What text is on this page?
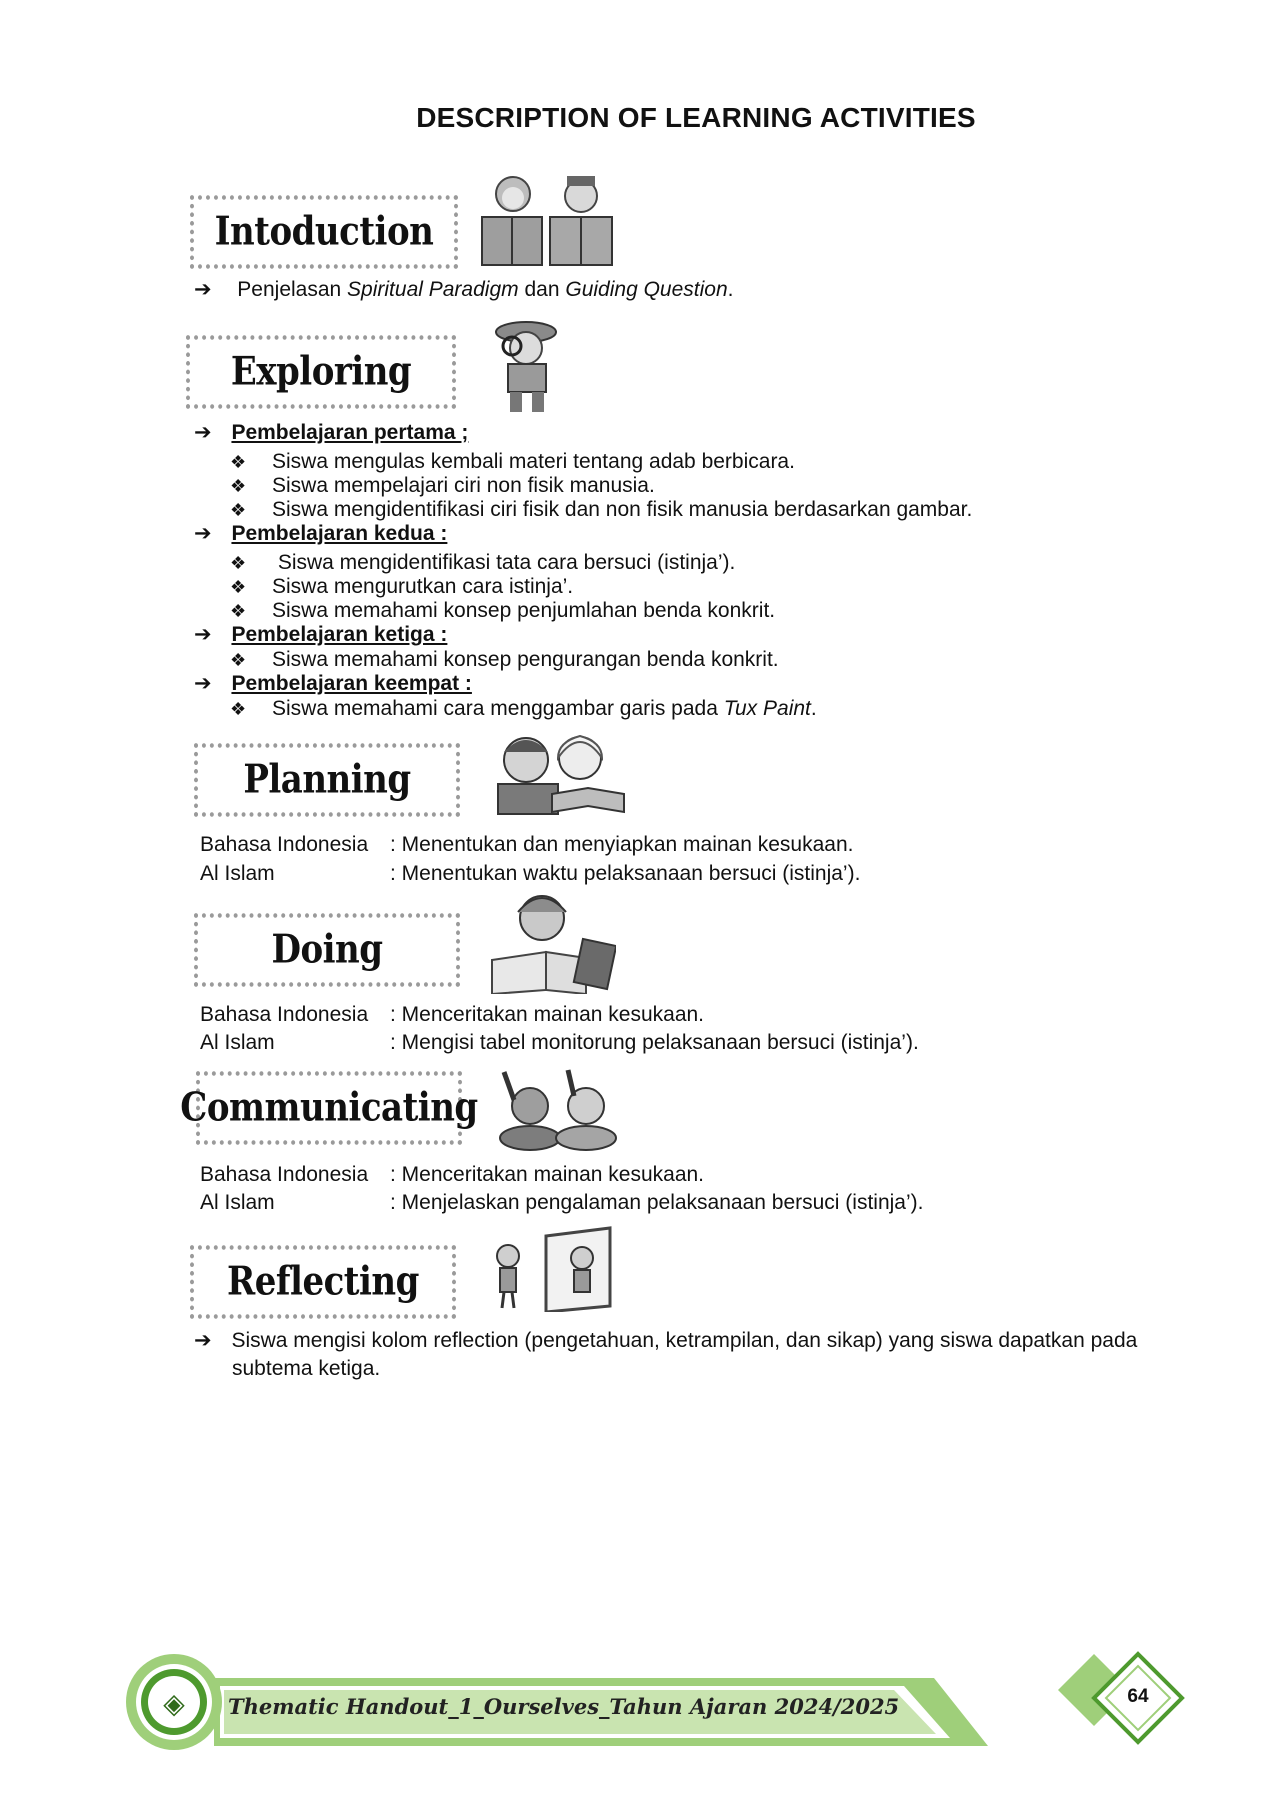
DESCRIPTION OF LEARNING ACTIVITIES
Intoduction
➔ Penjelasan Spiritual Paradigm dan Guiding Question.
Exploring
➔ Pembelajaran pertama ;
❖ Siswa mengulas kembali materi tentang adab berbicara.
❖ Siswa mempelajari ciri non fisik manusia.
❖ Siswa mengidentifikasi ciri fisik dan non fisik manusia berdasarkan gambar.
➔ Pembelajaran kedua :
❖ Siswa mengidentifikasi tata cara bersuci (istinja’).
❖ Siswa mengurutkan cara istinja’.
❖ Siswa memahami konsep penjumlahan benda konkrit.
➔ Pembelajaran ketiga :
❖ Siswa memahami konsep pengurangan benda konkrit.
➔ Pembelajaran keempat :
❖ Siswa memahami cara menggambar garis pada Tux Paint.
Planning
Bahasa Indonesia : Menentukan dan menyiapkan mainan kesukaan.
Al Islam	: Menentukan waktu pelaksanaan bersuci (istinja’).
Doing
Bahasa Indonesia : Menceritakan mainan kesukaan.
Al Islam	: Mengisi tabel monitorung pelaksanaan bersuci (istinja’).
Communicating
Bahasa Indonesia : Menceritakan mainan kesukaan.
Al Islam	: Menjelaskan pengalaman pelaksanaan bersuci (istinja’).
Reflecting
➔ Siswa mengisi kolom reflection (pengetahuan, ketrampilan, dan sikap) yang siswa dapatkan pada
subtema ketiga.
◈	Thematic Handout_1_Ourselves_Tahun Ajaran 2024/2025	64
